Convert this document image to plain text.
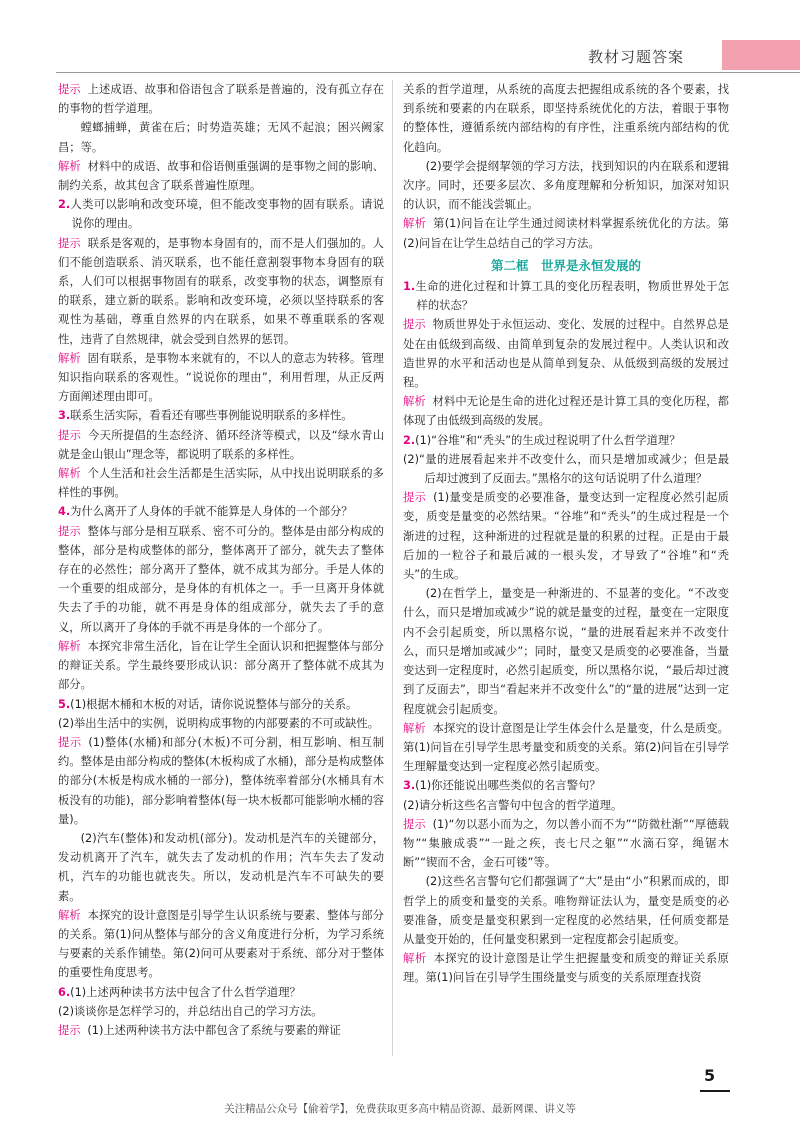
教材习题答案

提示 上述成语、故事和俗语包含了联系是普遍的，没有孤立存在的事物的哲学道理。

螳螂捕蝉，黄雀在后；时势造英雄；无风不起浪；困兴阙家昌；等。

解析 材料中的成语、故事和俗语侧重强调的是事物之间的影响、制约关系，故其包含了联系普遍性原理。

2.人类可以影响和改变环境，但不能改变事物的固有联系。请说说你的理由。

提示 联系是客观的，是事物本身固有的，而不是人们强加的。人们不能创造联系、消灭联系，也不能任意割裂事物本身固有的联系，人们可以根据事物固有的联系，改变事物的状态，调整原有的联系，建立新的联系。影响和改变环境，必须以坚持联系的客观性为基础，尊重自然界的内在联系，如果不尊重联系的客观性，违背了自然规律，就会受到自然界的惩罚。

解析 固有联系，是事物本来就有的，不以人的意志为转移。管理知识指向联系的客观性。“说说你的理由”，利用哲理，从正反两方面阐述理由即可。

3.联系生活实际，看看还有哪些事例能说明联系的多样性。

提示 今天所提倡的生态经济、循环经济等模式，以及“绿水青山就是金山银山”理念等，都说明了联系的多样性。

解析 个人生活和社会生活都是生活实际，从中找出说明联系的多样性的事例。

4.为什么离开了人身体的手就不能算是人身体的一个部分？

提示 整体与部分是相互联系、密不可分的。整体是由部分构成的整体，部分是构成整体的部分，整体离开了部分，就失去了整体存在的必然性；部分离开了整体，就不成其为部分。手是人体的一个重要的组成部分，是身体的有机体之一。手一旦离开身体就失去了手的功能，就不再是身体的组成部分，就失去了手的意义，所以离开了身体的手就不再是身体的一个部分了。

解析 本探究非常生活化，旨在让学生全面认识和把握整体与部分的辩证关系。学生最终要形成认识：部分离开了整体就不成其为部分。

5.(1)根据木桶和木板的对话，请你说说整体与部分的关系。

(2)举出生活中的实例，说明构成事物的内部要素的不可或缺性。

提示 (1)整体(水桶)和部分(木板)不可分割，相互影响、相互制约。整体是由部分构成的整体(木板构成了水桶)，部分是构成整体的部分(木板是构成水桶的一部分)，整体统率着部分(水桶具有木板没有的功能)，部分影响着整体(每一块木板都可能影响水桶的容量)。

(2)汽车(整体)和发动机(部分)。发动机是汽车的关键部分，发动机离开了汽车，就失去了发动机的作用；汽车失去了发动机，汽车的功能也就丧失。所以，发动机是汽车不可缺失的要素。

解析 本探究的设计意图是引导学生认识系统与要素、整体与部分的关系。第(1)问从整体与部分的含义角度进行分析，为学习系统与要素的关系作铺垫。第(2)问可从要素对于系统、部分对于整体的重要性角度思考。

6.(1)上述两种读书方法中包含了什么哲学道理？

(2)谈谈你是怎样学习的，并总结出自己的学习方法。

提示 (1)上述两种读书方法中都包含了系统与要素的辩证

关系的哲学道理，从系统的高度去把握组成系统的各个要素，找到系统和要素的内在联系，即坚持系统优化的方法，着眼于事物的整体性，遵循系统内部结构的有序性，注重系统内部结构的优化趋向。

(2)要学会提纲挈领的学习方法，找到知识的内在联系和逻辑次序。同时，还要多层次、多角度理解和分析知识，加深对知识的认识，而不能浅尝辄止。

解析 第(1)问旨在让学生通过阅读材料掌握系统优化的方法。第(2)问旨在让学生总结自己的学习方法。

第二框 世界是永恒发展的

1.生命的进化过程和计算工具的变化历程表明，物质世界处于怎样的状态？

提示 物质世界处于永恒运动、变化、发展的过程中。自然界总是处在由低级到高级、由简单到复杂的发展过程中。人类认识和改造世界的水平和活动也是从简单到复杂、从低级到高级的发展过程。

解析 材料中无论是生命的进化过程还是计算工具的变化历程，都体现了由低级到高级的发展。

2.(1)“谷堆”和“秃头”的生成过程说明了什么哲学道理？

(2)“量的进展看起来并不改变什么，而只是增加或减少；但是最后却过渡到了反面去。”黑格尔的这句话说明了什么道理？

提示 (1)量变是质变的必要准备，量变达到一定程度必然引起质变，质变是量变的必然结果。“谷堆”和“秃头”的生成过程是一个渐进的过程，这种渐进的过程就是量的积累的过程。正是由于最后加的一粒谷子和最后减的一根头发，才导致了“谷堆”和“秃头”的生成。

(2)在哲学上，量变是一种渐进的、不显著的变化。“不改变什么，而只是增加或减少”说的就是量变的过程，量变在一定限度内不会引起质变，所以黑格尔说，“量的进展看起来并不改变什么，而只是增加或减少”；同时，量变又是质变的必要准备，当量变达到一定程度时，必然引起质变，所以黑格尔说，“最后却过渡到了反面去”，即当“看起来并不改变什么”的“量的进展”达到一定程度就会引起质变。

解析 本探究的设计意图是让学生体会什么是量变，什么是质变。第(1)问旨在引导学生思考量变和质变的关系。第(2)问旨在引导学生理解量变达到一定程度必然引起质变。

3.(1)你还能说出哪些类似的名言警句？

(2)请分析这些名言警句中包含的哲学道理。

提示 (1)“勿以恶小而为之，勿以善小而不为”“防微杜渐”“厚德载物”“集腋成裘”“一趾之疾，丧七尺之躯”“水滴石穿，绳锯木断”“锲而不舍，金石可镂”等。

(2)这些名言警句它们都强调了“大”是由“小”积累而成的，即哲学上的质变和量变的关系。唯物辩证法认为，量变是质变的必要准备，质变是量变积累到一定程度的必然结果，任何质变都是从量变开始的，任何量变积累到一定程度都会引起质变。

解析 本探究的设计意图是让学生把握量变和质变的辩证关系原理。第(1)问旨在引导学生围绕量变与质变的关系原理查找资

5
关注精品公众号【偷着学】，免费获取更多高中精品资源、最新网课、讲义等
